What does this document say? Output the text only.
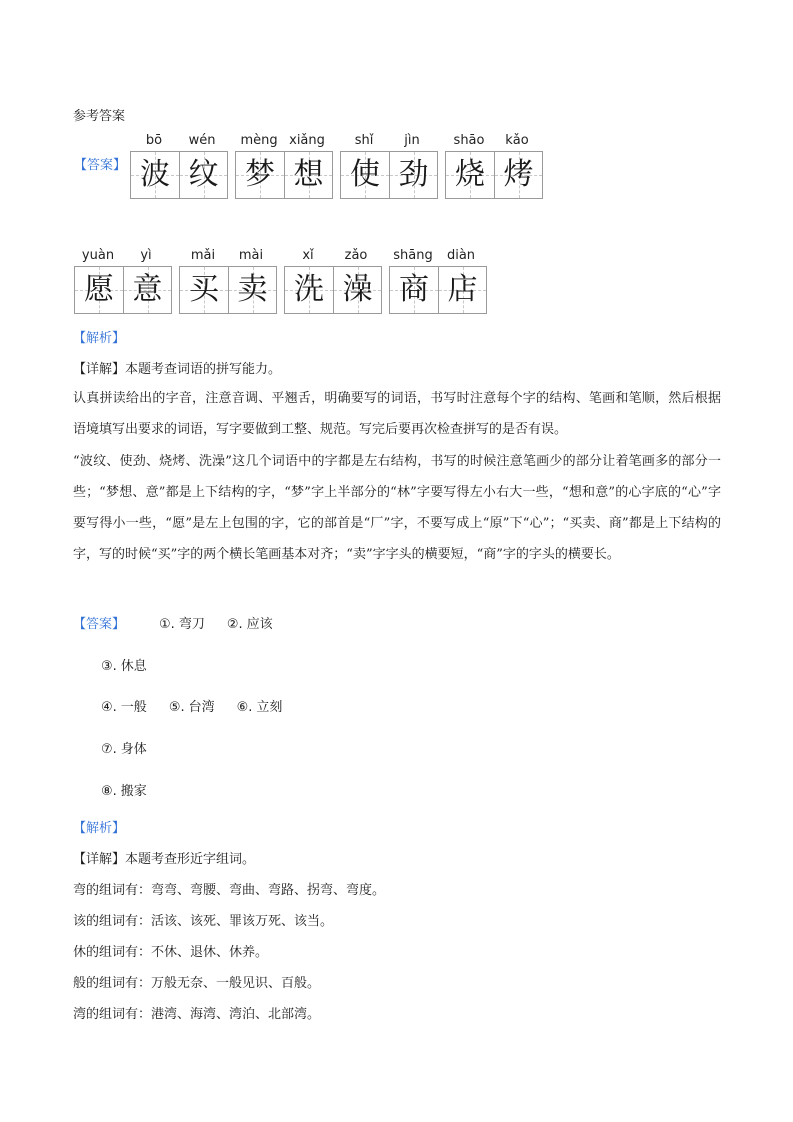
参考答案
【答案】
bō	wén
波 纹
mèng xiǎng
梦 想
shǐ	jìn
使 劲
shāo	kǎo
烧 烤
yuàn	yì
愿 意
mǎi	mài
买 卖
xǐ	zǎo
洗 澡
shāng	diàn
商 店
【解析】
【详解】本题考查词语的拼写能力。
认真拼读给出的字音，注意音调、平翘舌，明确要写的词语，书写时注意每个字的结构、笔画和笔顺，然后根据语境填写出要求的词语，写字要做到工整、规范。写完后要再次检查拼写的是否有误。
“波纹、使劲、烧烤、洗澡”这几个词语中的字都是左右结构，书写的时候注意笔画少的部分让着笔画多的部分一些；“梦想、意”都是上下结构的字，“梦”字上半部分的“林”字要写得左小右大一些，“想和意”的心字底的“心”字要写得小一些，“愿”是左上包围的字，它的部首是“厂”字，不要写成上“原”下“心”；“买卖、商”都是上下结构的字，写的时候“买”字的两个横长笔画基本对齐；“卖”字字头的横要短，“商”字的字头的横要长。
【答案】	①. 弯刀 ②. 应该
③. 休息
④. 一般 ⑤. 台湾 ⑥. 立刻
⑦. 身体
⑧. 搬家
【解析】
【详解】本题考查形近字组词。
弯的组词有：弯弯、弯腰、弯曲、弯路、拐弯、弯度。
该的组词有：活该、该死、罪该万死、该当。
休的组词有：不休、退休、休养。
般的组词有：万般无奈、一般见识、百般。
湾的组词有：港湾、海湾、湾泊、北部湾。
